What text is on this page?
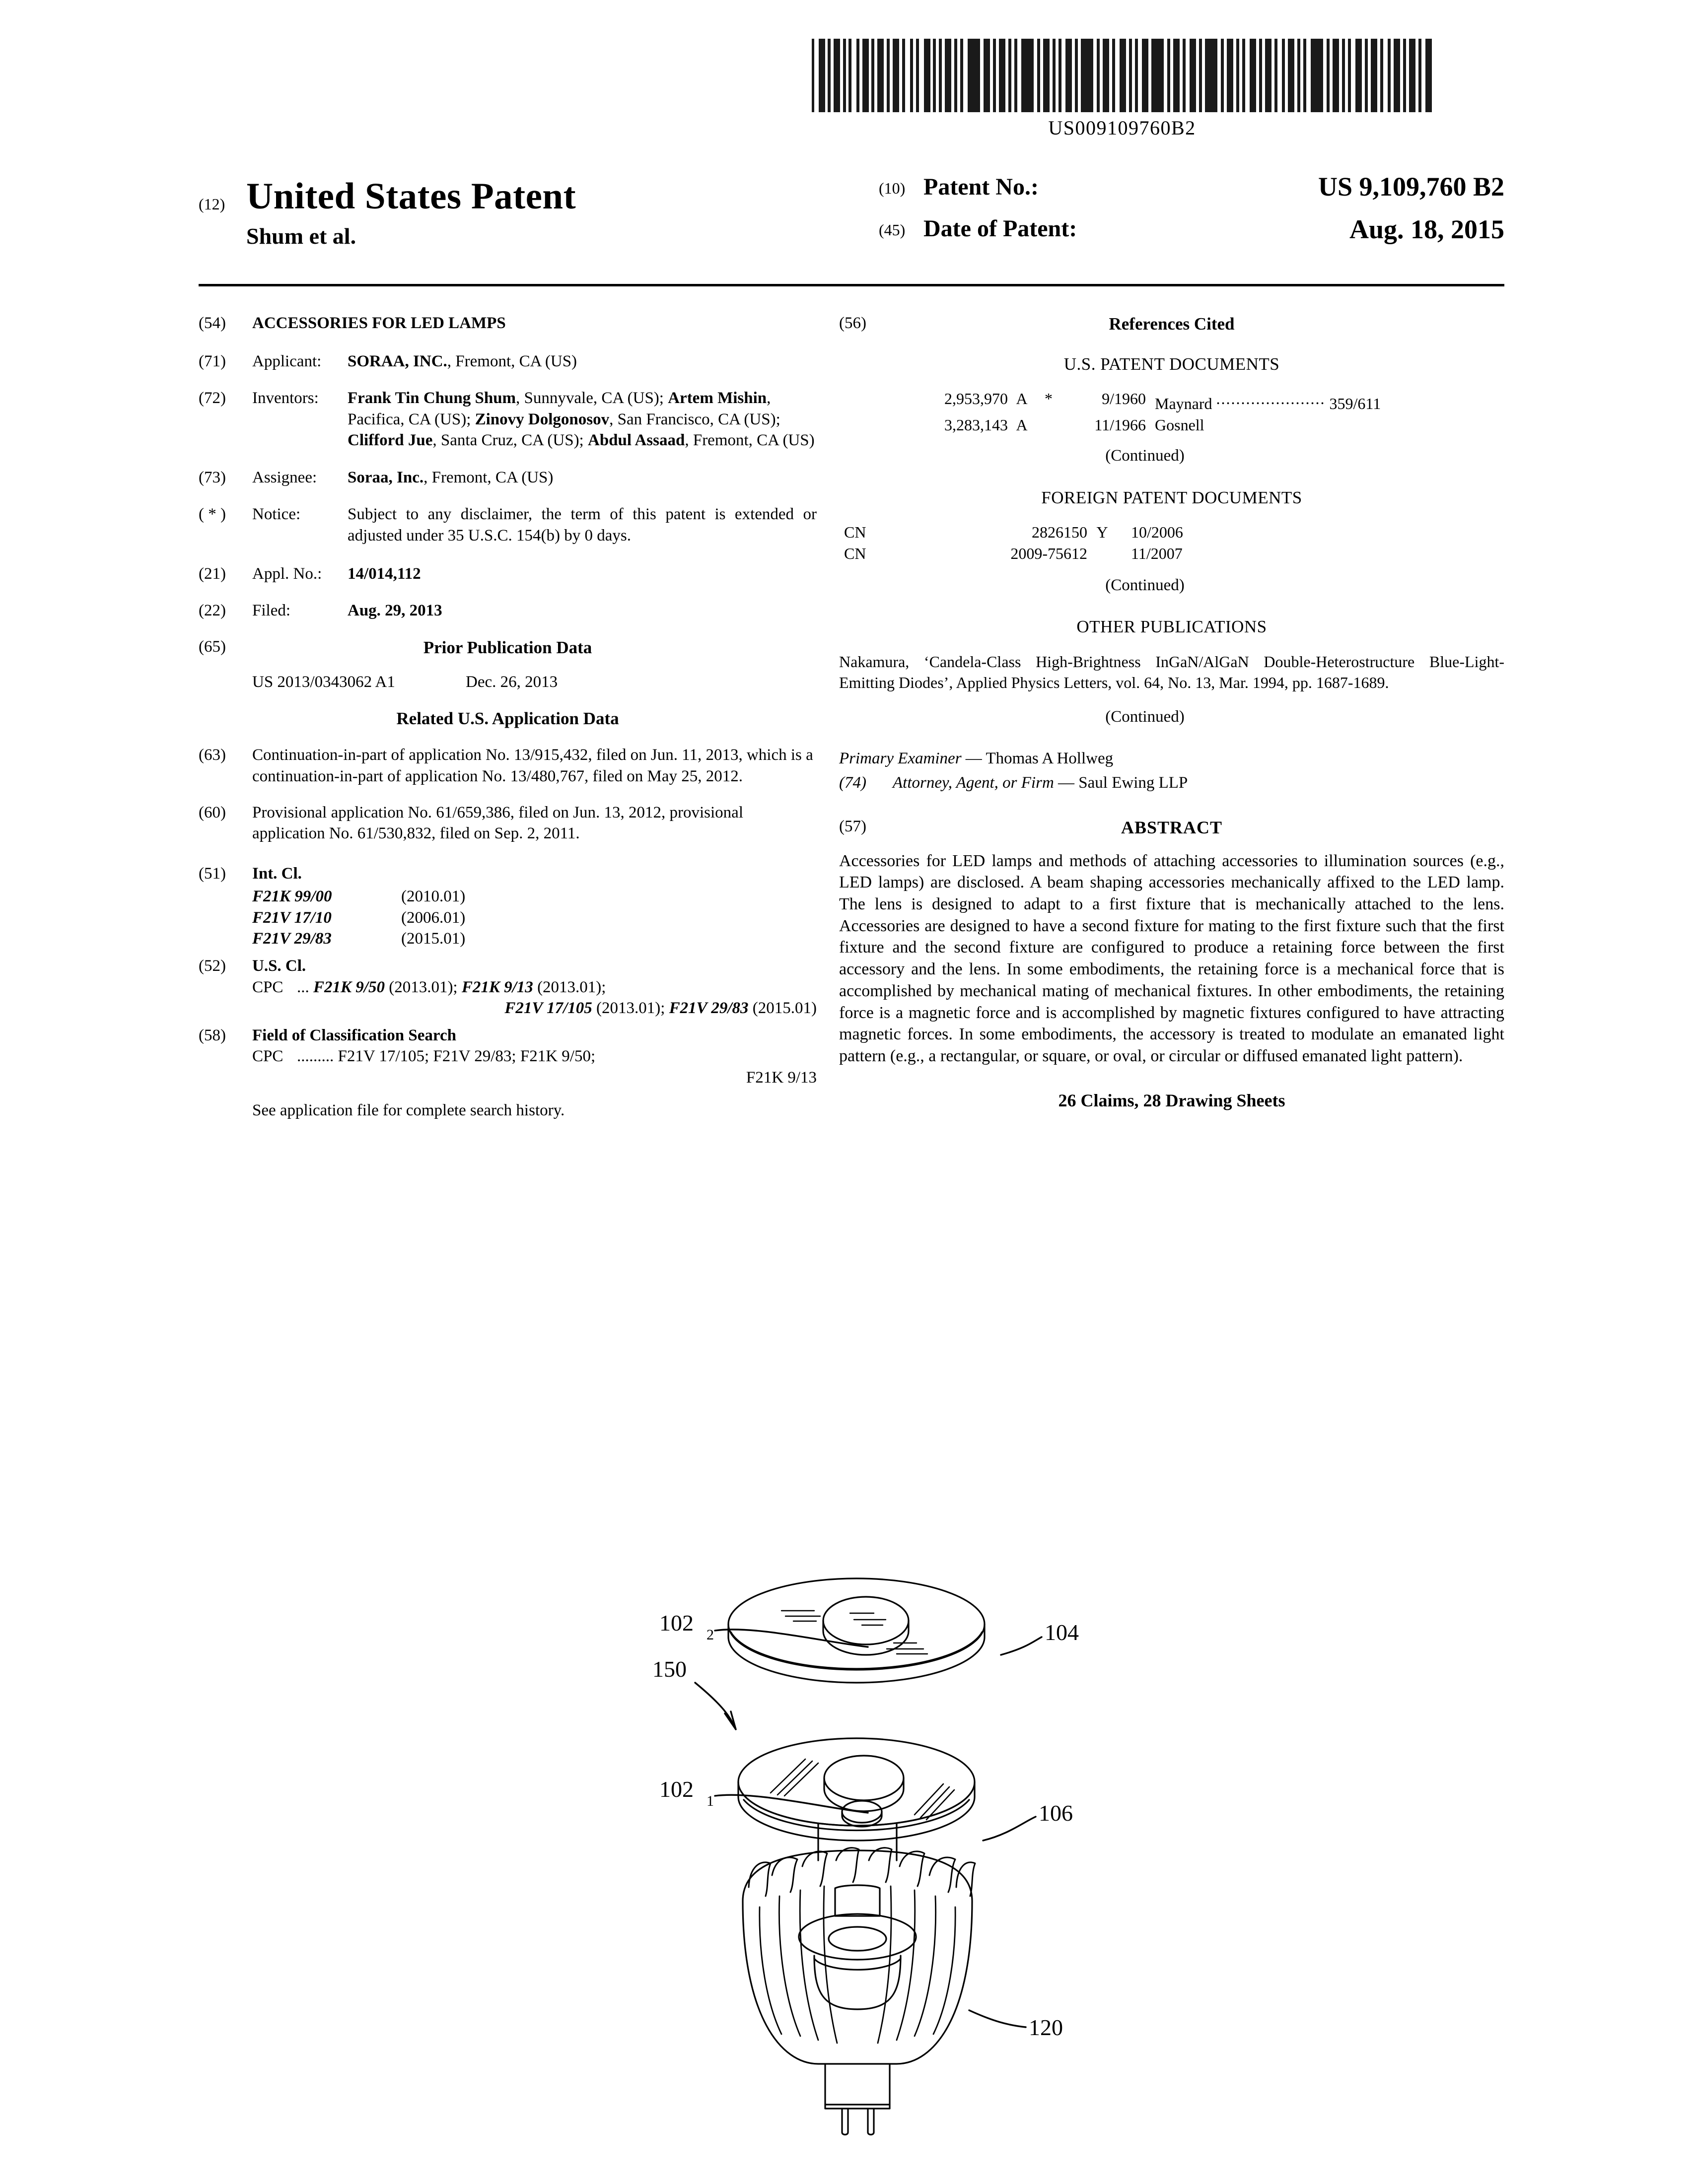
US009109760B2
(12) United States Patent
Shum et al.
(10) Patent No.:	US 9,109,760 B2
(45) Date of Patent:	Aug. 18, 2015
(54)	ACCESSORIES FOR LED LAMPS
(71)	Applicant:	SORAA, INC., Fremont, CA (US)
(72)	Inventors:	Frank Tin Chung Shum, Sunnyvale, CA (US); Artem Mishin, Pacifica, CA (US); Zinovy Dolgonosov, San Francisco, CA (US); Clifford Jue, Santa Cruz, CA (US); Abdul Assaad, Fremont, CA (US)
(73)	Assignee:	Soraa, Inc., Fremont, CA (US)
( * )	Notice:	Subject to any disclaimer, the term of this patent is extended or adjusted under 35 U.S.C. 154(b) by 0 days.
(21)	Appl. No.:	14/014,112
(22)	Filed:	Aug. 29, 2013
(65)	Prior Publication Data
US 2013/0343062 A1	Dec. 26, 2013
Related U.S. Application Data
(63)	Continuation-in-part of application No. 13/915,432, filed on Jun. 11, 2013, which is a continuation-in-part of application No. 13/480,767, filed on May 25, 2012.
(60)	Provisional application No. 61/659,386, filed on Jun. 13, 2012, provisional application No. 61/530,832, filed on Sep. 2, 2011.
(51)	Int. Cl.
F21K 99/00	(2010.01)
F21V 17/10	(2006.01)
F21V 29/83	(2015.01)
(52)	U.S. Cl.
CPC ... F21K 9/50 (2013.01); F21K 9/13 (2013.01);
F21V 17/105 (2013.01); F21V 29/83 (2015.01)
(58)	Field of Classification Search
CPC ......... F21V 17/105; F21V 29/83; F21K 9/50;
F21K 9/13
See application file for complete search history.
(56)	References Cited
U.S. PATENT DOCUMENTS
2,953,970 A	*	9/1960 Maynard ...................... 359/611
3,283,143 A	11/1966 Gosnell
(Continued)
FOREIGN PATENT DOCUMENTS
CN	2826150 Y	10/2006
CN	2009-75612	11/2007
(Continued)
OTHER PUBLICATIONS
Nakamura, ‘Candela-Class High-Brightness InGaN/AlGaN Double-Heterostructure Blue-Light-Emitting Diodes’, Applied Physics Letters, vol. 64, No. 13, Mar. 1994, pp. 1687-1689.
(Continued)
Primary Examiner — Thomas A Hollweg
(74)	Attorney, Agent, or Firm — Saul Ewing LLP
(57)	ABSTRACT
Accessories for LED lamps and methods of attaching accessories to illumination sources (e.g., LED lamps) are disclosed. A beam shaping accessories mechanically affixed to the LED lamp. The lens is designed to adapt to a first fixture that is mechanically attached to the lens. Accessories are designed to have a second fixture for mating to the first fixture such that the first fixture and the second fixture are configured to produce a retaining force between the first accessory and the lens. In some embodiments, the retaining force is a mechanical force that is accomplished by mechanical mating of mechanical fixtures. In other embodiments, the retaining force is a magnetic force and is accomplished by magnetic fixtures configured to have attracting magnetic forces. In some embodiments, the accessory is treated to modulate an emanated light pattern (e.g., a rectangular, or square, or oval, or circular or diffused emanated light pattern).
26 Claims, 28 Drawing Sheets
150
102 2	104
102 1	106
120
